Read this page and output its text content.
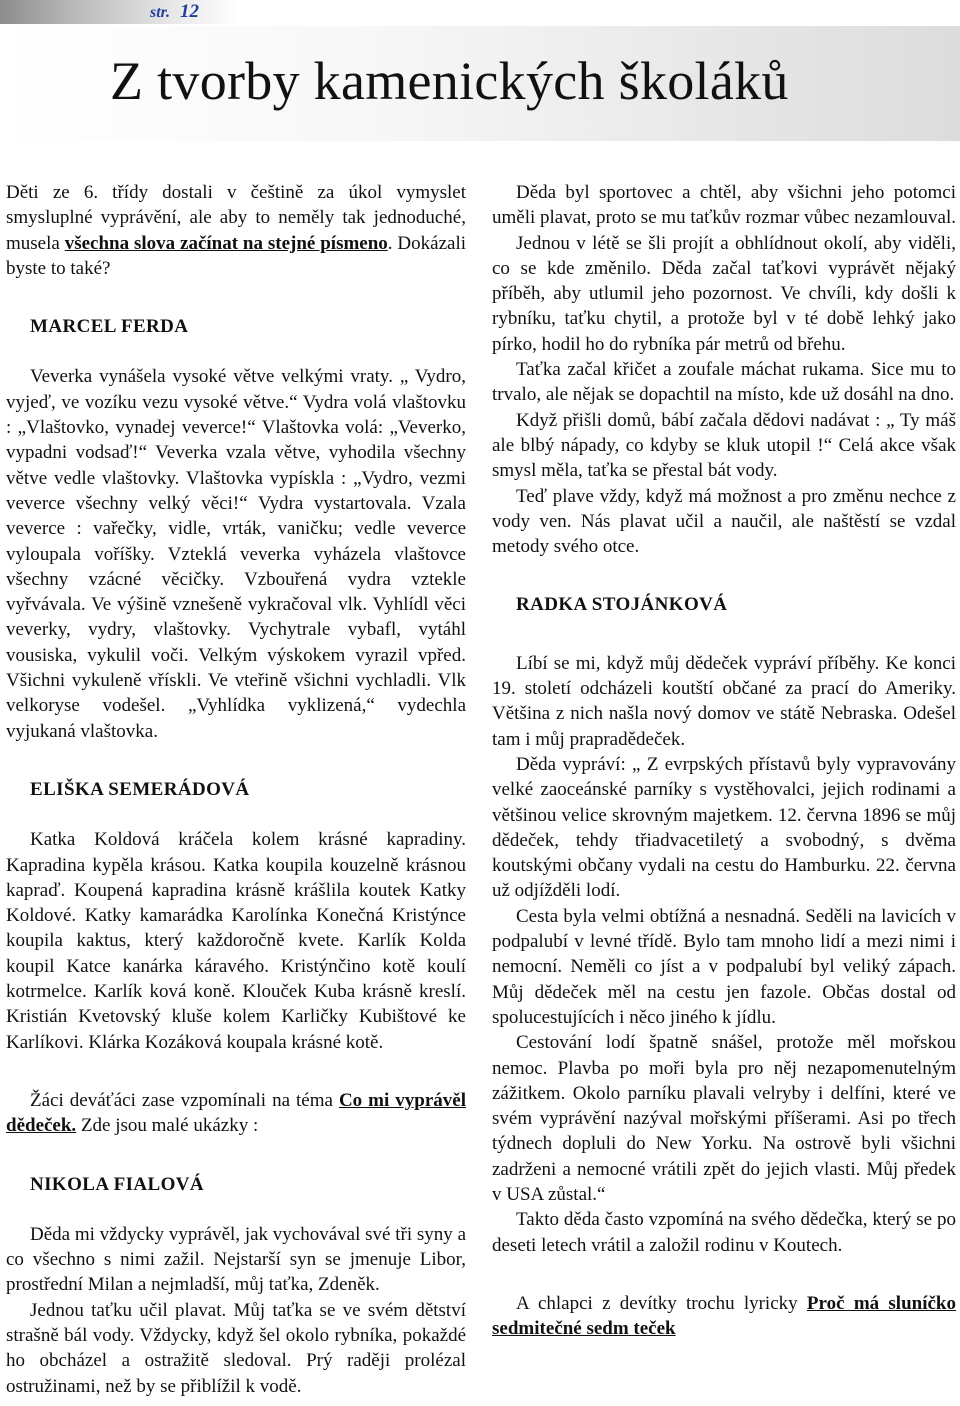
str. 12
Z tvorby kamenických školáků

Děti ze 6. třídy dostali v češtině za úkol vymyslet smysluplné vyprávění, ale aby to neměly tak jednoduché, musela všechna slova začínat na stejné písmeno. Dokázali byste to také?

MARCEL FERDA

Veverka vynášela vysoké větve velkými vraty. „ Vydro, vyjeď, ve vozíku vezu vysoké větve.“ Vydra volá vlaštovku : „Vlaštovko, vynadej veverce!“ Vlaštovka volá: „Veverko, vypadni vodsaď!“ Veverka vzala větve, vyhodila všechny větve vedle vlaštovky. Vlaštovka vypískla : „Vydro, vezmi veverce všechny velký věci!“ Vydra vystartovala. Vzala veverce : vařečky, vidle, vrták, vaničku; vedle veverce vyloupala voříšky. Vzteklá veverka vyházela vlaštovce všechny vzácné věcičky. Vzbouřená vydra vztekle vyřvávala. Ve výšině vznešeně vykračoval vlk. Vyhlídl věci veverky, vydry, vlaštovky. Vychytrale vybafl, vytáhl vousiska, vykulil voči. Velkým výskokem vyrazil vpřed. Všichni vykuleně vřískli. Ve vteřině všichni vychladli. Vlk velkoryse vodešel. „Vyhlídka vyklizená,“ vydechla vyjukaná vlaštovka.

ELIŠKA SEMERÁDOVÁ

Katka Koldová kráčela kolem krásné kapradiny. Kapradina kypěla krásou. Katka koupila kouzelně krásnou kapraď. Koupená kapradina krásně krášlila koutek Katky Koldové. Katky kamarádka Karolínka Konečná Kristýnce koupila kaktus, který každoročně kvete. Karlík Kolda koupil Katce kanárka káravého. Kristýnčino kotě koulí kotrmelce. Karlík ková koně. Klouček Kuba krásně kreslí. Kristián Kvetovský kluše kolem Karličky Kubištové ke Karlíkovi. Klárka Kozáková koupala krásné kotě.

Žáci deváťáci zase vzpomínali na téma Co mi vyprávěl dědeček. Zde jsou malé ukázky :

NIKOLA FIALOVÁ

Děda mi vždycky vyprávěl, jak vychovával své tři syny a co všechno s nimi zažil. Nejstarší syn se jmenuje Libor, prostřední Milan a nejmladší, můj taťka, Zdeněk.

Jednou taťku učil plavat. Můj taťka se ve svém dětství strašně bál vody. Vždycky, když šel okolo rybníka, pokaždé ho obcházel a ostražitě sledoval. Prý raději prolézal ostružinami, než by se přiblížil k vodě.

Děda byl sportovec a chtěl, aby všichni jeho potomci uměli plavat, proto se mu taťkův rozmar vůbec nezamlouval.

Jednou v létě se šli projít a obhlídnout okolí, aby viděli, co se kde změnilo. Děda začal taťkovi vyprávět nějaký příběh, aby utlumil jeho pozornost. Ve chvíli, kdy došli k rybníku, taťku chytil, a protože byl v té době lehký jako pírko, hodil ho do rybníka pár metrů od břehu.

Taťka začal křičet a zoufale máchat rukama. Sice mu to trvalo, ale nějak se dopachtil na místo, kde už dosáhl na dno.

Když přišli domů, bábí začala dědovi nadávat : „ Ty máš ale blbý nápady, co kdyby se kluk utopil !“ Celá akce však smysl měla, taťka se přestal bát vody.

Teď plave vždy, když má možnost a pro změnu nechce z vody ven. Nás plavat učil a naučil, ale naštěstí se vzdal metody svého otce.

RADKA STOJÁNKOVÁ

Líbí se mi, když můj dědeček vypráví příběhy. Ke konci 19. století odcházeli koutští občané za prací do Ameriky. Většina z nich našla nový domov ve státě Nebraska. Odešel tam i můj prapradědeček.

Děda vypráví: „ Z evrpských přístavů byly vypravovány velké zaoceánské parníky s vystěhovalci, jejich rodinami a většinou velice skrovným majetkem. 12. června 1896 se můj dědeček, tehdy třiadvacetiletý a svobodný, s dvěma koutskými občany vydali na cestu do Hamburku. 22. června už odjížděli lodí.

Cesta byla velmi obtížná a nesnadná. Seděli na lavicích v podpalubí v levné třídě. Bylo tam mnoho lidí a mezi nimi i nemocní. Neměli co jíst a v podpalubí byl veliký zápach. Můj dědeček měl na cestu jen fazole. Občas dostal od spolucestujících i něco jiného k jídlu.

Cestování lodí špatně snášel, protože měl mořskou nemoc. Plavba po moři byla pro něj nezapomenutelným zážitkem. Okolo parníku plavali velryby i delfíni, které ve svém vyprávění nazýval mořskými příšerami. Asi po třech týdnech dopluli do New Yorku. Na ostrově byli všichni zadrženi a nemocné vrátili zpět do jejich vlasti. Můj předek v USA zůstal.“

Takto děda často vzpomíná na svého dědečka, který se po deseti letech vrátil a založil rodinu v Koutech.

A chlapci z devítky trochu lyricky Proč má sluníčko sedmitečné sedm teček
